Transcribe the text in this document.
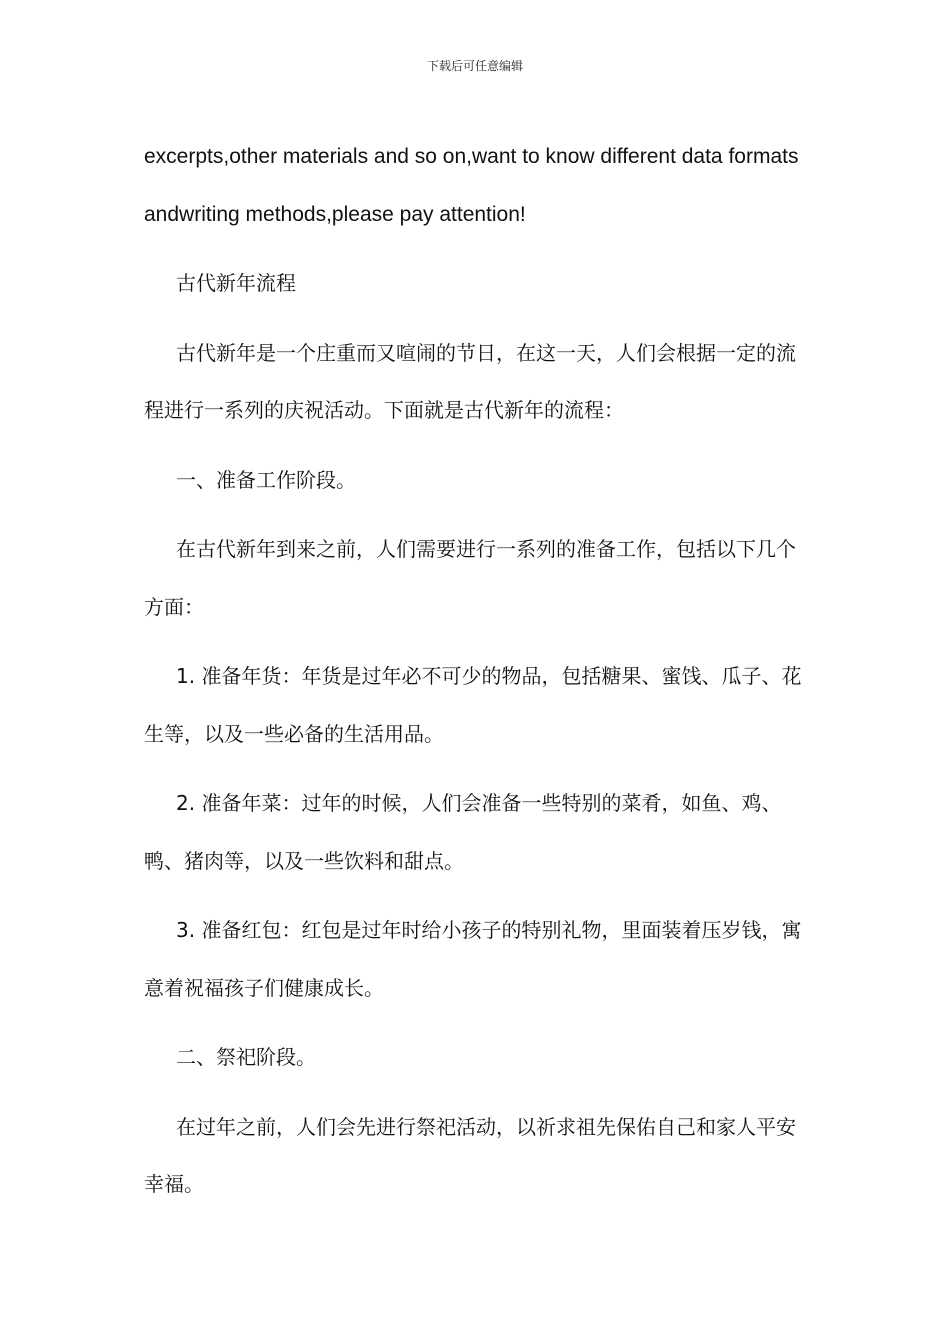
下载后可任意编辑

excerpts,other materials and so on,want to know different data formats andwriting methods,please pay attention!

古代新年流程

古代新年是一个庄重而又喧闹的节日，在这一天，人们会根据一定的流程进行一系列的庆祝活动。下面就是古代新年的流程：

一、准备工作阶段。

在古代新年到来之前，人们需要进行一系列的准备工作，包括以下几个方面：

1. 准备年货：年货是过年必不可少的物品，包括糖果、蜜饯、瓜子、花生等，以及一些必备的生活用品。

2. 准备年菜：过年的时候，人们会准备一些特别的菜肴，如鱼、鸡、鸭、猪肉等，以及一些饮料和甜点。

3. 准备红包：红包是过年时给小孩子的特别礼物，里面装着压岁钱，寓意着祝福孩子们健康成长。

二、祭祀阶段。

在过年之前，人们会先进行祭祀活动，以祈求祖先保佑自己和家人平安幸福。
